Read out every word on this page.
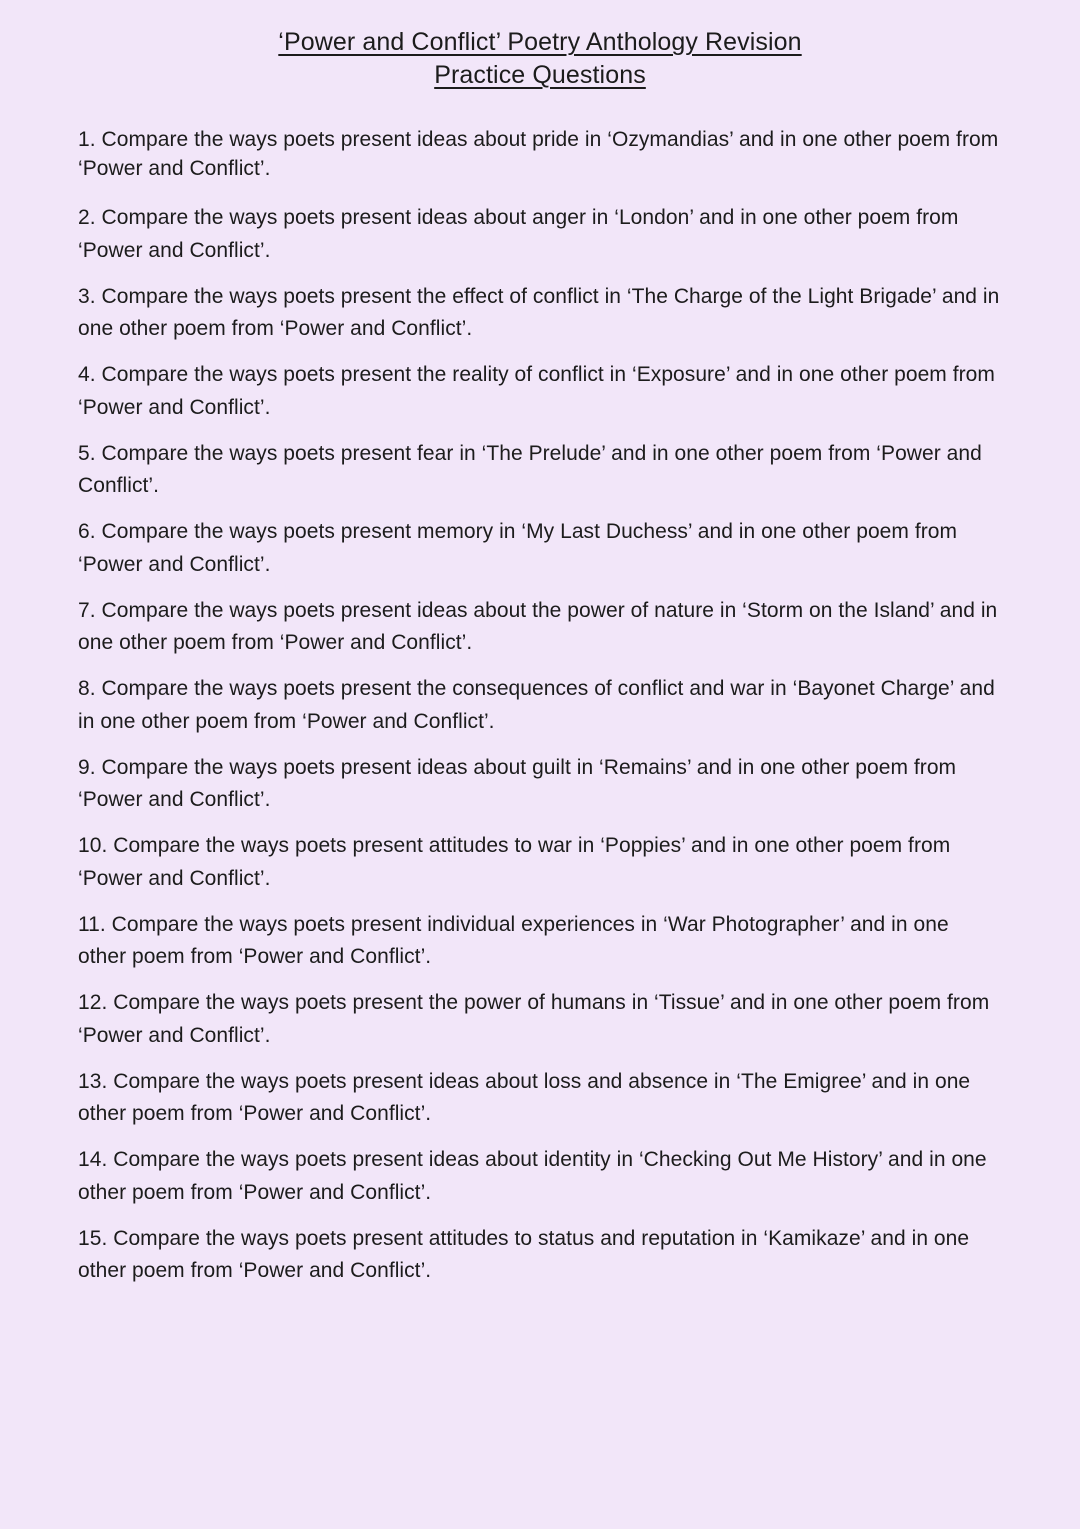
‘Power and Conflict’ Poetry Anthology Revision
Practice Questions
1. Compare the ways poets present ideas about pride in ‘Ozymandias’ and in one other poem from ‘Power and Conflict’.
2. Compare the ways poets present ideas about anger in ‘London’ and in one other poem from ‘Power and Conflict’.
3. Compare the ways poets present the effect of conflict in ‘The Charge of the Light Brigade’ and in one other poem from ‘Power and Conflict’.
4. Compare the ways poets present the reality of conflict in ‘Exposure’ and in one other poem from ‘Power and Conflict’.
5. Compare the ways poets present fear in ‘The Prelude’ and in one other poem from ‘Power and Conflict’.
6. Compare the ways poets present memory in ‘My Last Duchess’ and in one other poem from ‘Power and Conflict’.
7. Compare the ways poets present ideas about the power of nature in ‘Storm on the Island’ and in one other poem from ‘Power and Conflict’.
8. Compare the ways poets present the consequences of conflict and war in ‘Bayonet Charge’ and in one other poem from ‘Power and Conflict’.
9. Compare the ways poets present ideas about guilt in ‘Remains’ and in one other poem from ‘Power and Conflict’.
10. Compare the ways poets present attitudes to war in ‘Poppies’ and in one other poem from ‘Power and Conflict’.
11. Compare the ways poets present individual experiences in ‘War Photographer’ and in one other poem from ‘Power and Conflict’.
12. Compare the ways poets present the power of humans in ‘Tissue’ and in one other poem from ‘Power and Conflict’.
13. Compare the ways poets present ideas about loss and absence in ‘The Emigree’ and in one other poem from ‘Power and Conflict’.
14. Compare the ways poets present ideas about identity in ‘Checking Out Me History’ and in one other poem from ‘Power and Conflict’.
15. Compare the ways poets present attitudes to status and reputation in ‘Kamikaze’ and in one other poem from ‘Power and Conflict’.
